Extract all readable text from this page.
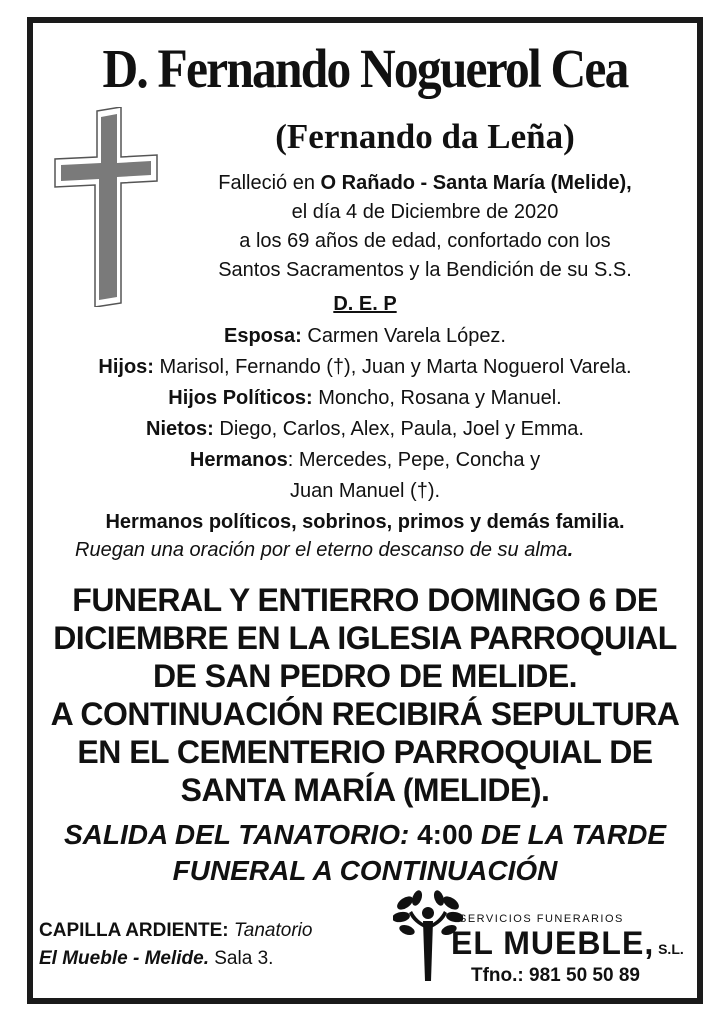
D. Fernando Noguerol Cea
(Fernando da Leña)
Falleció en O Rañado - Santa María (Melide),
el día 4 de Diciembre de 2020
a los 69 años de edad, confortado con los
Santos Sacramentos y la Bendición de su S.S.
D. E. P
Esposa: Carmen Varela López.
Hijos: Marisol, Fernando (†), Juan y Marta Noguerol Varela.
Hijos Políticos: Moncho, Rosana y Manuel.
Nietos: Diego, Carlos, Alex, Paula, Joel y Emma.
Hermanos: Mercedes, Pepe, Concha y
Juan Manuel (†).
Hermanos políticos, sobrinos, primos y demás familia.
Ruegan una oración por el eterno descanso de su alma.
FUNERAL Y ENTIERRO DOMINGO 6 DE
DICIEMBRE EN LA IGLESIA PARROQUIAL
DE SAN PEDRO DE MELIDE.
A CONTINUACIÓN RECIBIRÁ SEPULTURA
EN EL CEMENTERIO PARROQUIAL DE
SANTA MARÍA (MELIDE).
SALIDA DEL TANATORIO: 4:00 DE LA TARDE
FUNERAL A CONTINUACIÓN
CAPILLA ARDIENTE: Tanatorio
El Mueble - Melide. Sala 3.
SERVICIOS FUNERARIOS
EL MUEBLE, S.L.
Tfno.: 981 50 50 89
